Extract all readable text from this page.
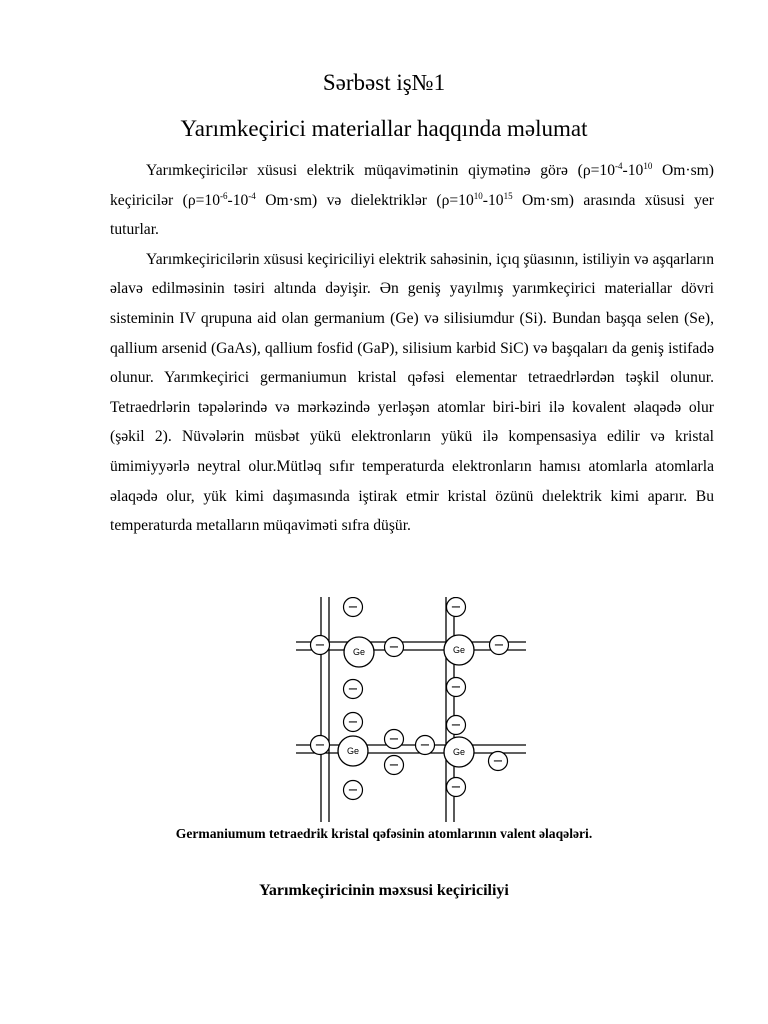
Sərbəst iş№1
Yarımkeçirici materiallar haqqında məlumat

Yarımkeçiricilər xüsusi elektrik müqavimətinin qiymətinə görə ($\rho=10^{-4}-10^{10}$ Om·sm) keçiricilər ($\rho=10^{-6}-10^{-4}$ Om·sm) və dielektriklər ($\rho=10^{10}-10^{15}$ Om·sm) arasında xüsusi yer tuturlar.

Yarımkeçiricilərin xüsusi keçiriciliyi elektrik sahəsinin, içıq şüasının, istiliyin və aşqarların əlavə edilməsinin təsiri altında dəyişir. Ən geniş yayılmış yarımkeçirici materiallar dövri sisteminin IV qrupuna aid olan germanium (Ge) və silisiumdur (Si). Bundan başqa selen (Se), qallium arsenid (GaAs), qallium fosfid (GaP), silisium karbid SiC) və başqaları da geniş istifadə olunur. Yarımkeçirici germaniumun kristal qəfəsi elementar tetraedrlərdən təşkil olunur. Tetraedrlərin təpələrində və mərkəzində yerləşən atomlar biri-biri ilə kovalent əlaqədə olur (şəkil 2). Nüvələrin müsbət yükü elektronların yükü ilə kompensasiya edilir və kristal ümimiyyərlə neytral olur.Mütləq sıfır temperaturda elektronların hamısı atomlarla atomlarla əlaqədə olur, yük kimi daşımasında iştirak etmir kristal özünü dıelektrik kimi aparır. Bu temperaturda metalların müqaviməti sıfra düşür.

−	−
−	−	−
−	−
−	−
−	− −
−
−	−
−
Ge	Ge
Ge	Ge
Germaniumum tetraedrik kristal qəfəsinin atomlarının valent əlaqələri.
Yarımkeçiricinin məxsusi keçiriciliyi
